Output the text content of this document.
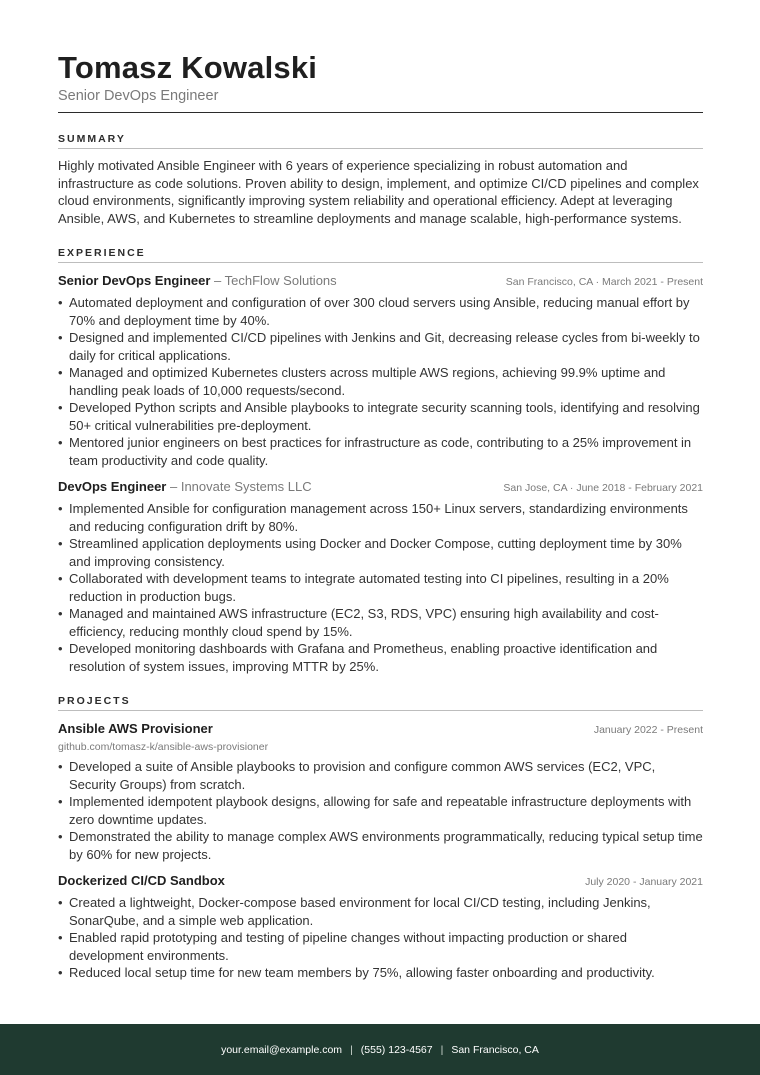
Tomasz Kowalski
Senior DevOps Engineer
SUMMARY

Highly motivated Ansible Engineer with 6 years of experience specializing in robust automation and infrastructure as code solutions. Proven ability to design, implement, and optimize CI/CD pipelines and complex cloud environments, significantly improving system reliability and operational efficiency. Adept at leveraging Ansible, AWS, and Kubernetes to streamline deployments and manage scalable, high-performance systems.

EXPERIENCE
Senior DevOps Engineer – TechFlow Solutions	San Francisco, CA · March 2021 - Present
• Automated deployment and configuration of over 300 cloud servers using Ansible, reducing manual effort by 70% and deployment time by 40%.
• Designed and implemented CI/CD pipelines with Jenkins and Git, decreasing release cycles from bi-weekly to daily for critical applications.
• Managed and optimized Kubernetes clusters across multiple AWS regions, achieving 99.9% uptime and handling peak loads of 10,000 requests/second.
• Developed Python scripts and Ansible playbooks to integrate security scanning tools, identifying and resolving 50+ critical vulnerabilities pre-deployment.
• Mentored junior engineers on best practices for infrastructure as code, contributing to a 25% improvement in team productivity and code quality.
DevOps Engineer – Innovate Systems LLC	San Jose, CA · June 2018 - February 2021
• Implemented Ansible for configuration management across 150+ Linux servers, standardizing environments and reducing configuration drift by 80%.
• Streamlined application deployments using Docker and Docker Compose, cutting deployment time by 30% and improving consistency.
• Collaborated with development teams to integrate automated testing into CI pipelines, resulting in a 20% reduction in production bugs.
• Managed and maintained AWS infrastructure (EC2, S3, RDS, VPC) ensuring high availability and cost-efficiency, reducing monthly cloud spend by 15%.
• Developed monitoring dashboards with Grafana and Prometheus, enabling proactive identification and resolution of system issues, improving MTTR by 25%.
PROJECTS
Ansible AWS Provisioner	January 2022 - Present
github.com/tomasz-k/ansible-aws-provisioner
• Developed a suite of Ansible playbooks to provision and configure common AWS services (EC2, VPC, Security Groups) from scratch.
• Implemented idempotent playbook designs, allowing for safe and repeatable infrastructure deployments with zero downtime updates.
• Demonstrated the ability to manage complex AWS environments programmatically, reducing typical setup time by 60% for new projects.
Dockerized CI/CD Sandbox	July 2020 - January 2021
• Created a lightweight, Docker-compose based environment for local CI/CD testing, including Jenkins, SonarQube, and a simple web application.
• Enabled rapid prototyping and testing of pipeline changes without impacting production or shared development environments.
• Reduced local setup time for new team members by 75%, allowing faster onboarding and productivity.
your.email@example.com | (555) 123-4567 | San Francisco, CA
